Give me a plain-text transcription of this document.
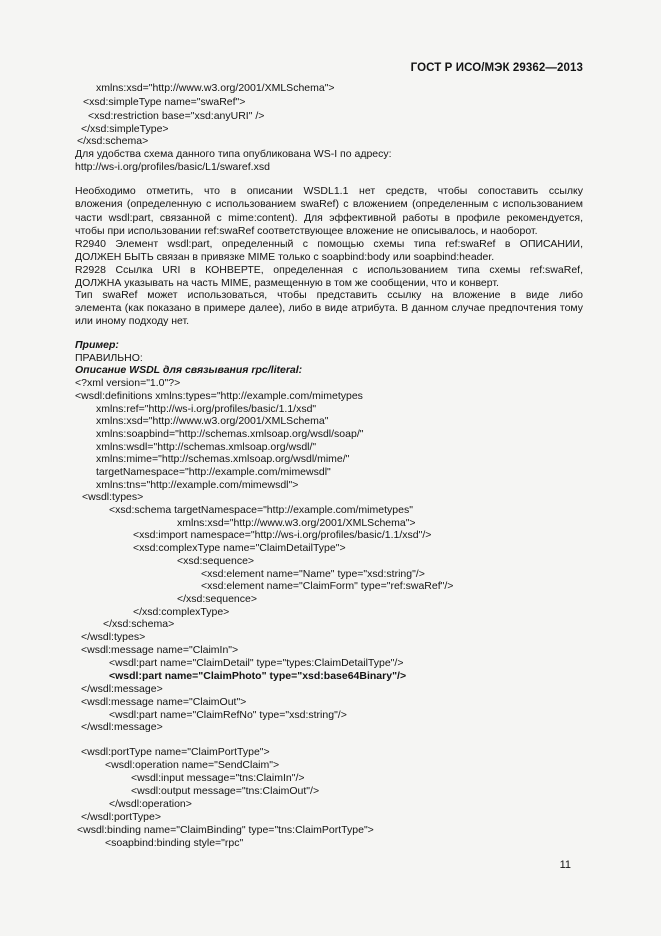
ГОСТ Р ИСО/МЭК 29362—2013
xmlns:xsd="http://www.w3.org/2001/XMLSchema">
<xsd:simpleType name="swaRef">
<xsd:restriction base="xsd:anyURI" />
</xsd:simpleType>
</xsd:schema>
Для удобства схема данного типа опубликована WS-I по адресу:
http://ws-i.org/profiles/basic/L1/swaref.xsd
Необходимо отметить, что в описании WSDL1.1 нет средств, чтобы сопоставить ссылку
вложения (определенную с использованием swaRef) с вложением (определенным с использованием
части wsdl:part, связанной с mime:content). Для эффективной работы в профиле рекомендуется,
чтобы при использовании ref:swaRef соответствующее вложение не описывалось, и наоборот.
R2940 Элемент wsdl:part, определенный с помощью схемы типа ref:swaRef в ОПИСАНИИ,
ДОЛЖЕН БЫТЬ связан в привязке MIME только с soapbind:body или soapbind:header.
R2928 Ссылка URI в КОНВЕРТЕ, определенная с использованием типа схемы ref:swaRef,
ДОЛЖНА указывать на часть MIME, размещенную в том же сообщении, что и конверт.
Тип swaRef может использоваться, чтобы представить ссылку на вложение в виде либо
элемента (как показано в примере далее), либо в виде атрибута. В данном случае предпочтения тому
или иному подходу нет.
Пример:
ПРАВИЛЬНО:
Описание WSDL для связывания rpc/literal:
<?xml version="1.0"?>
<wsdl:definitions xmlns:types="http://example.com/mimetypes
xmlns:ref="http://ws-i.org/profiles/basic/1.1/xsd"
xmlns:xsd="http://www.w3.org/2001/XMLSchema"
xmlns:soapbind="http://schemas.xmlsoap.org/wsdl/soap/"
xmlns:wsdl="http://schemas.xmlsoap.org/wsdl/"
xmlns:mime="http://schemas.xmlsoap.org/wsdl/mime/"
targetNamespace="http://example.com/mimewsdl"
xmlns:tns="http://example.com/mimewsdl">
<wsdl:types>
<xsd:schema targetNamespace="http://example.com/mimetypes"
xmlns:xsd="http://www.w3.org/2001/XMLSchema">
<xsd:import namespace="http://ws-i.org/profiles/basic/1.1/xsd"/>
<xsd:complexType name="ClaimDetailType">
<xsd:sequence>
<xsd:element name="Name" type="xsd:string"/>
<xsd:element name="ClaimForm" type="ref:swaRef"/>
</xsd:sequence>
</xsd:complexType>
</xsd:schema>
</wsdl:types>
<wsdl:message name="ClaimIn">
<wsdl:part name="ClaimDetail" type="types:ClaimDetailType"/>
<wsdl:part name="ClaimPhoto" type="xsd:base64Binary"/>
</wsdl:message>
<wsdl:message name="ClaimOut">
<wsdl:part name="ClaimRefNo" type="xsd:string"/>
</wsdl:message>
<wsdl:portType name="ClaimPortType">
<wsdl:operation name="SendClaim">
<wsdl:input message="tns:ClaimIn"/>
<wsdl:output message="tns:ClaimOut"/>
</wsdl:operation>
</wsdl:portType>
<wsdl:binding name="ClaimBinding" type="tns:ClaimPortType">
<soapbind:binding style="rpc"
11
